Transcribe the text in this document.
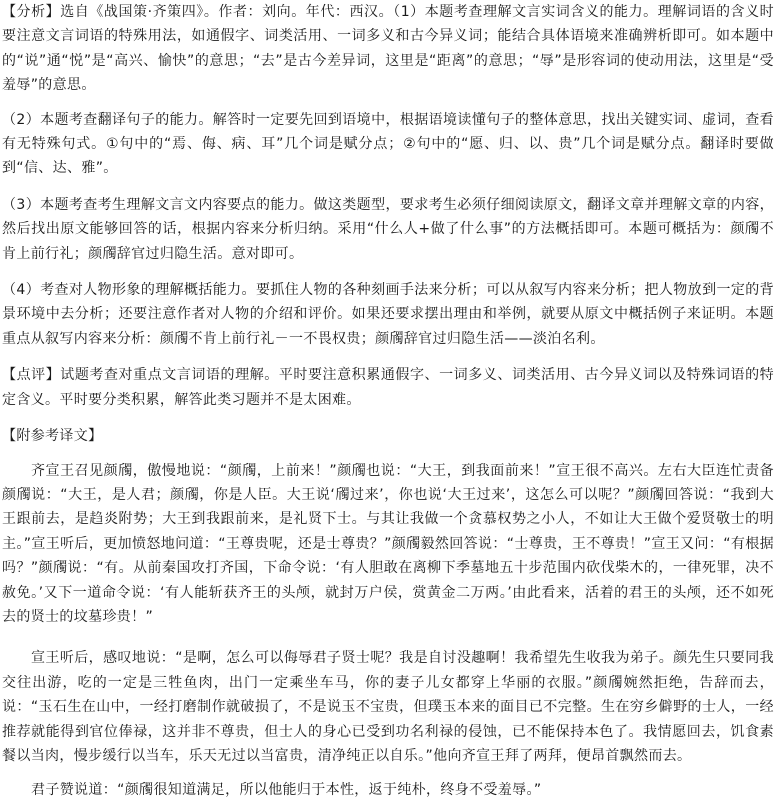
【分析】选自《战国策·齐策四》。作者：刘向。年代：西汉。（1）本题考查理解文言实词含义的能力。理解词语的含义时要注意文言词语的特殊用法，如通假字、词类活用、一词多义和古今异义词；能结合具体语境来准确辨析即可。如本题中的“说”通“悦”是“高兴、愉快”的意思；“去”是古今差异词，这里是“距离”的意思；“辱”是形容词的使动用法，这里是“受羞辱”的意思。

（2）本题考查翻译句子的能力。解答时一定要先回到语境中，根据语境读懂句子的整体意思，找出关键实词、虚词，查看有无特殊句式。①句中的“焉、侮、病、耳”几个词是赋分点；②句中的“愿、归、以、贵”几个词是赋分点。翻译时要做到“信、达、雅”。

（3）本题考查考生理解文言文内容要点的能力。做这类题型，要求考生必须仔细阅读原文，翻译文章并理解文章的内容，然后找出原文能够回答的话，根据内容来分析归纳。采用“什么人+做了什么事”的方法概括即可。本题可概括为：颜斶不肯上前行礼；颜斶辞官过归隐生活。意对即可。

（4）考查对人物形象的理解概括能力。要抓住人物的各种刻画手法来分析；可以从叙写内容来分析；把人物放到一定的背景环境中去分析；还要注意作者对人物的介绍和评价。如果还要求摆出理由和举例，就要从原文中概括例子来证明。本题重点从叙写内容来分析：颜斶不肯上前行礼－一不畏权贵；颜斶辞官过归隐生活——淡泊名利。

【点评】试题考查对重点文言词语的理解。平时要注意积累通假字、一词多义、词类活用、古今异义词以及特殊词语的特定含义。平时要分类积累，解答此类习题并不是太困难。

【附参考译文】

齐宣王召见颜斶，傲慢地说：“颜斶，上前来！”颜斶也说：“大王，到我面前来！”宣王很不高兴。左右大臣连忙责备颜斶说：“大王，是人君；颜斶，你是人臣。大王说‘斶过来’，你也说‘大王过来’，这怎么可以呢？”颜斶回答说：“我到大王跟前去，是趋炎附势；大王到我跟前来，是礼贤下士。与其让我做一个贪慕权势之小人，不如让大王做个爱贤敬士的明主。”宣王听后，更加愤怒地问道：“王尊贵呢，还是士尊贵？”颜斶毅然回答说：“士尊贵，王不尊贵！”宣王又问：“有根据吗？”颜斶说：“有。从前秦国攻打齐国，下命令说：‘有人胆敢在离柳下季墓地五十步范围内砍伐柴木的，一律死罪，决不赦免。’又下一道命令说：‘有人能斩获齐王的头颅，就封万户侯，赏黄金二万两。’由此看来，活着的君王的头颅，还不如死去的贤士的坟墓珍贵！”

宣王听后，感叹地说：“是啊，怎么可以侮辱君子贤士呢？我是自讨没趣啊！我希望先生收我为弟子。颜先生只要同我交往出游，吃的一定是三牲鱼肉，出门一定乘坐车马，你的妻子儿女都穿上华丽的衣服。”颜斶婉然拒绝，告辞而去，说：“玉石生在山中，一经打磨制作就破损了，不是说玉不宝贵，但璞玉本来的面目已不完整。生在穷乡僻野的士人，一经推荐就能得到官位俸禄，这并非不尊贵，但士人的身心已受到功名利禄的侵蚀，已不能保持本色了。我情愿回去，饥食素餐以当肉，慢步缓行以当车，乐天无过以当富贵，清净纯正以自乐。”他向齐宣王拜了两拜，便昂首飘然而去。

君子赞说道：“颜斶很知道满足，所以他能归于本性，返于纯朴，终身不受羞辱。”
